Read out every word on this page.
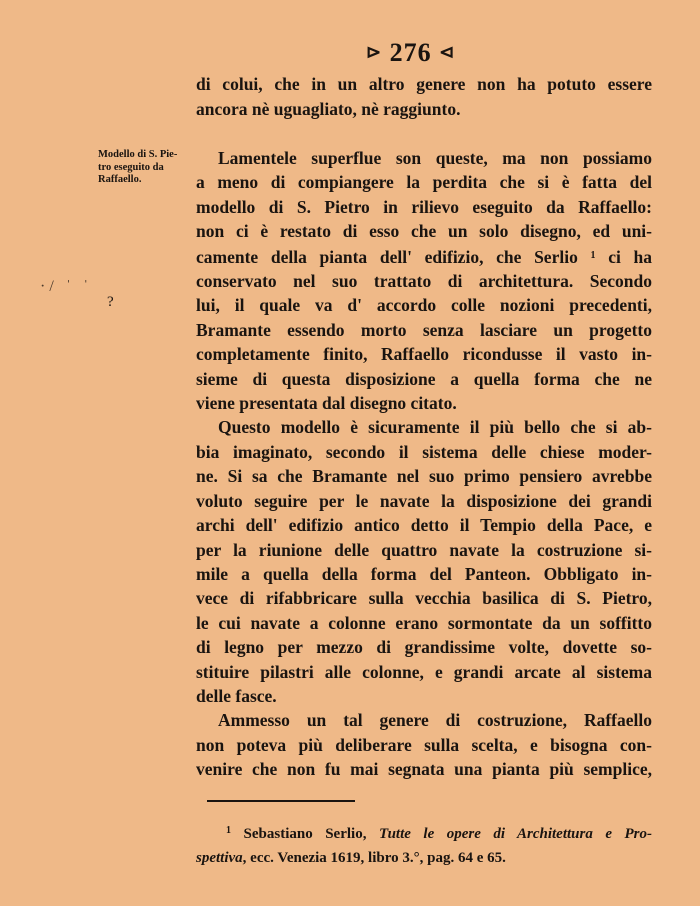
⊳ 276 ⊲
di colui, che in un altro genere non ha potuto essere
ancora nè uguagliato, nè raggiunto.
Modello di S. Pie-
tro eseguito da
Raffaello.
·/ ˈ ˈ
?
Lamentele superflue son queste, ma non possiamo
a meno di compiangere la perdita che si è fatta del
modello di S. Pietro in rilievo eseguito da Raffaello:
non ci è restato di esso che un solo disegno, ed uni-
camente della pianta dell' edifizio, che Serlio $^1$ ci ha
conservato nel suo trattato di architettura. Secondo
lui, il quale va d' accordo colle nozioni precedenti,
Bramante essendo morto senza lasciare un progetto
completamente finito, Raffaello ricondusse il vasto in-
sieme di questa disposizione a quella forma che ne
viene presentata dal disegno citato.
Questo modello è sicuramente il più bello che si ab-
bia imaginato, secondo il sistema delle chiese moder-
ne. Si sa che Bramante nel suo primo pensiero avrebbe
voluto seguire per le navate la disposizione dei grandi
archi dell' edifizio antico detto il Tempio della Pace, e
per la riunione delle quattro navate la costruzione si-
mile a quella della forma del Panteon. Obbligato in-
vece di rifabbricare sulla vecchia basilica di S. Pietro,
le cui navate a colonne erano sormontate da un soffitto
di legno per mezzo di grandissime volte, dovette so-
stituire pilastri alle colonne, e grandi arcate al sistema
delle fasce.
Ammesso un tal genere di costruzione, Raffaello
non poteva più deliberare sulla scelta, e bisogna con-
venire che non fu mai segnata una pianta più semplice,
$^1$ Sebastiano Serlio, Tutte le opere di Architettura e Pro-
spettiva, ecc. Venezia 1619, libro 3.°, pag. 64 e 65.
